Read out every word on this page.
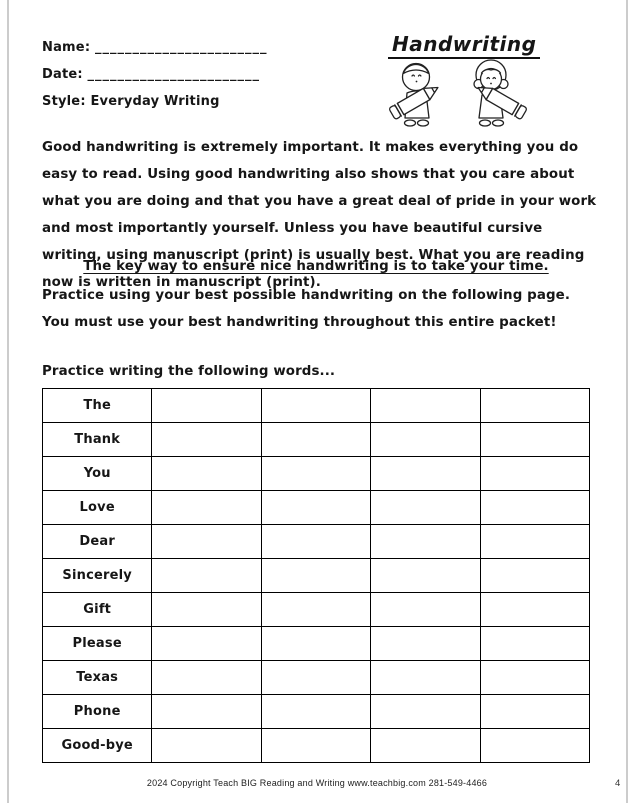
Name: _______________________
Date: _______________________
Style: Everyday Writing
Handwriting
Good handwriting is extremely important. It makes everything you do easy to read. Using good handwriting also shows that you care about what you are doing and that you have a great deal of pride in your work and most importantly yourself. Unless you have beautiful cursive writing, using manuscript (print) is usually best. What you are reading now is written in manuscript (print).
The key way to ensure nice handwriting is to take your time.
Practice using your best possible handwriting on the following page. You must use your best handwriting throughout this entire packet!
Practice writing the following words...
The				
Thank				
You				
Love				
Dear				
Sincerely				
Gift				
Please				
Texas				
Phone				
Good-bye				
2024 Copyright Teach BIG Reading and Writing www.teachbig.com 281-549-4466	4
